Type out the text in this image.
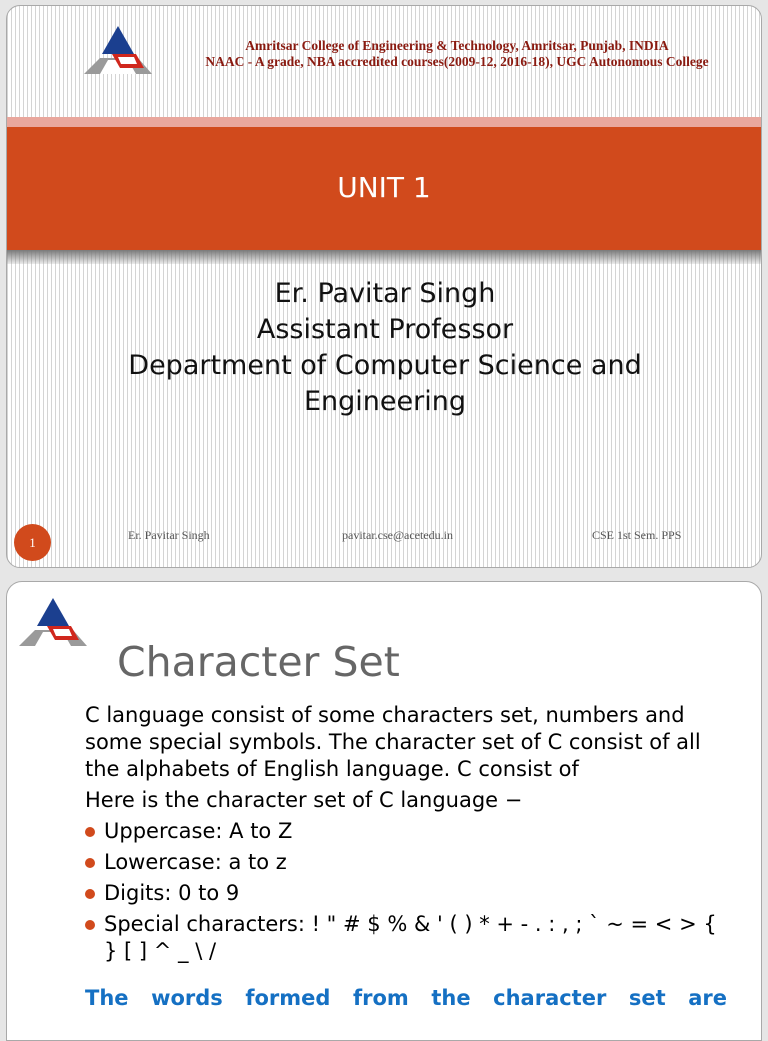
Amritsar College of Engineering & Technology, Amritsar, Punjab, INDIA
NAAC - A grade, NBA accredited courses(2009-12, 2016-18), UGC Autonomous College
UNIT 1
Er. Pavitar Singh
Assistant Professor
Department of Computer Science and
Engineering
1	Er. Pavitar Singh	pavitar.cse@acetedu.in	CSE 1st Sem. PPS
Character Set

C language consist of some characters set, numbers and some special symbols. The character set of C consist of all the alphabets of English language. C consist of

Here is the character set of C language −

Uppercase: A to Z
Lowercase: a to z
Digits: 0 to 9
Special characters: ! " # $ % & ' ( ) * + - . : , ; ` ~ = < > { } [ ] ^ _ \ /
The words formed from the character set are
